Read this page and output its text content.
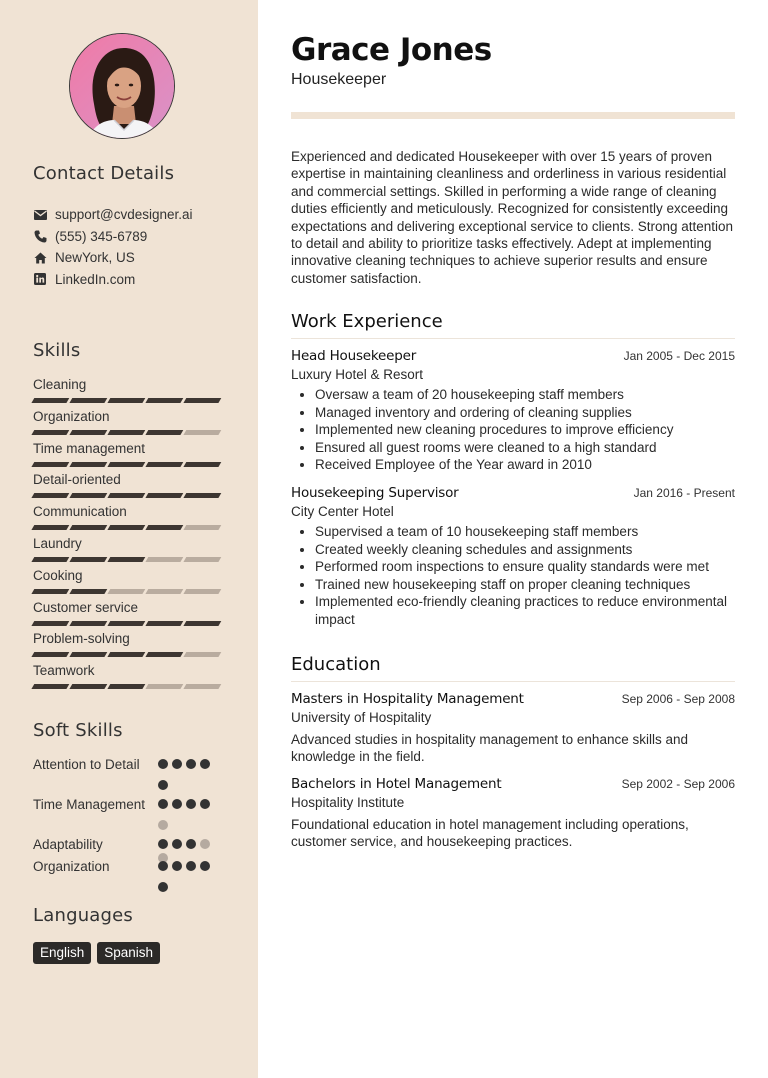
Contact Details
support@cvdesigner.ai
(555) 345-6789
NewYork, US
LinkedIn.com
Skills
Cleaning
Organization
Time management
Detail-oriented
Communication
Laundry
Cooking
Customer service
Problem-solving
Teamwork
Soft Skills
Attention to Detail
Time Management
Adaptability
Organization
Languages
English	Spanish
Grace Jones
Housekeeper
Experienced and dedicated Housekeeper with over 15 years of proven expertise in maintaining cleanliness and orderliness in various residential and commercial settings. Skilled in performing a wide range of cleaning duties efficiently and meticulously. Recognized for consistently exceeding expectations and delivering exceptional service to clients. Strong attention to detail and ability to prioritize tasks effectively. Adept at implementing innovative cleaning techniques to achieve superior results and ensure customer satisfaction.
Work Experience
Head Housekeeper	Jan 2005 - Dec 2015
Luxury Hotel & Resort
• Oversaw a team of 20 housekeeping staff members
• Managed inventory and ordering of cleaning supplies
• Implemented new cleaning procedures to improve efficiency
• Ensured all guest rooms were cleaned to a high standard
• Received Employee of the Year award in 2010
Housekeeping Supervisor	Jan 2016 - Present
City Center Hotel
• Supervised a team of 10 housekeeping staff members
• Created weekly cleaning schedules and assignments
• Performed room inspections to ensure quality standards were met
• Trained new housekeeping staff on proper cleaning techniques
• Implemented eco-friendly cleaning practices to reduce environmental impact
Education
Masters in Hospitality Management	Sep 2006 - Sep 2008
University of Hospitality
Advanced studies in hospitality management to enhance skills and knowledge in the field.
Bachelors in Hotel Management	Sep 2002 - Sep 2006
Hospitality Institute
Foundational education in hotel management including operations, customer service, and housekeeping practices.
